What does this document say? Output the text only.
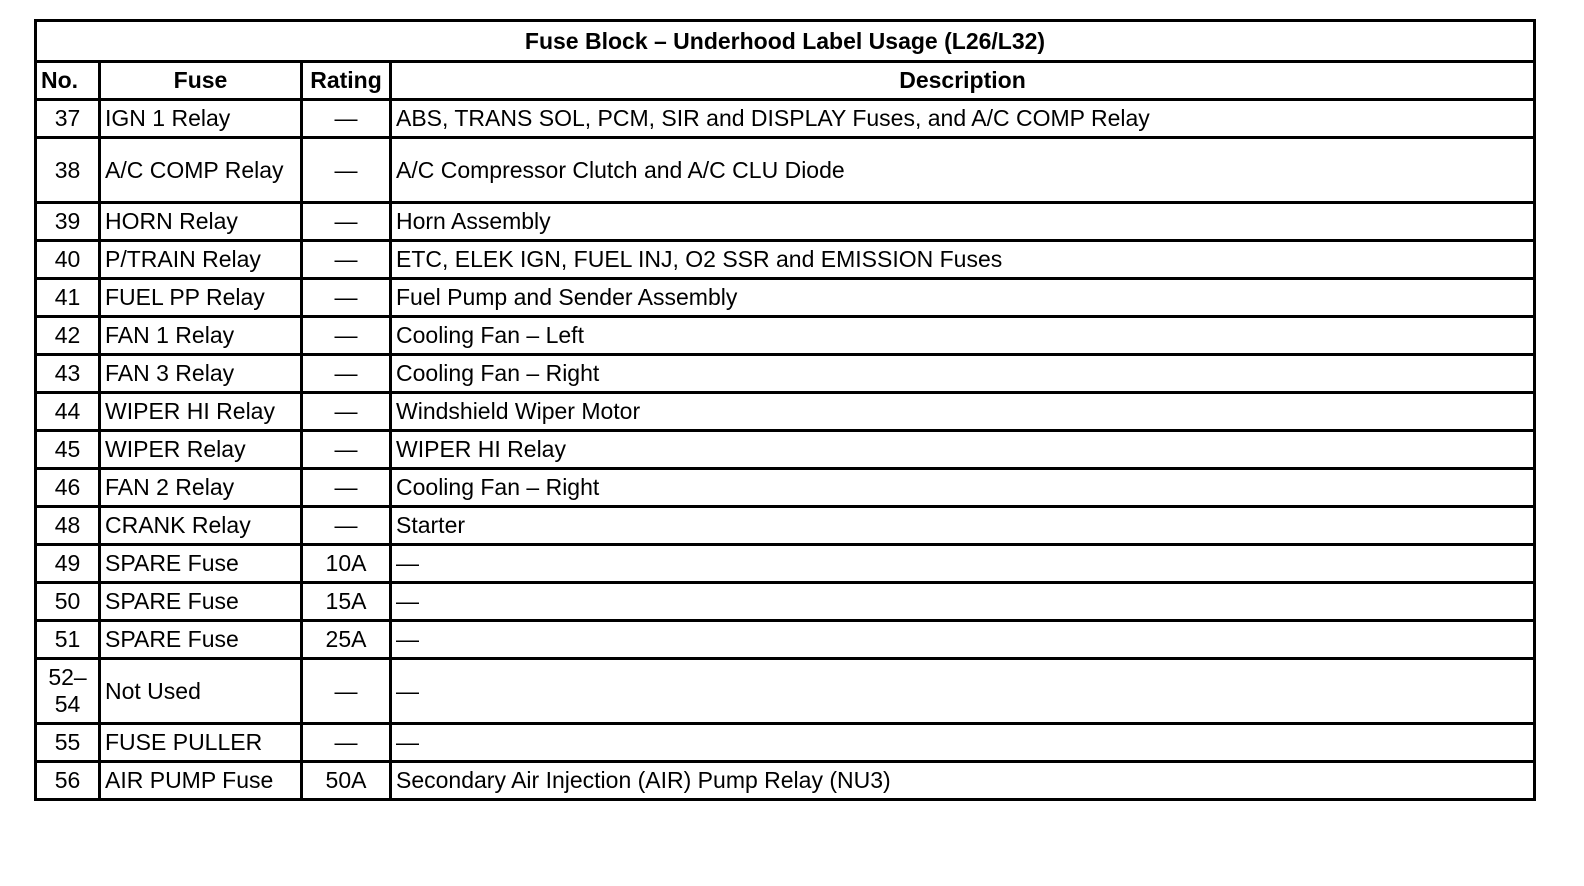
Fuse Block – Underhood Label Usage (L26/L32)			
No.	Fuse	Rating	Description
37	IGN 1 Relay	—	ABS, TRANS SOL, PCM, SIR and DISPLAY Fuses, and A/C COMP Relay
38	A/C COMP Relay	—	A/C Compressor Clutch and A/C CLU Diode
39	HORN Relay	—	Horn Assembly
40	P/TRAIN Relay	—	ETC, ELEK IGN, FUEL INJ, O2 SSR and EMISSION Fuses
41	FUEL PP Relay	—	Fuel Pump and Sender Assembly
42	FAN 1 Relay	—	Cooling Fan – Left
43	FAN 3 Relay	—	Cooling Fan – Right
44	WIPER HI Relay	—	Windshield Wiper Motor
45	WIPER Relay	—	WIPER HI Relay
46	FAN 2 Relay	—	Cooling Fan – Right
48	CRANK Relay	—	Starter
49	SPARE Fuse	10A	—
50	SPARE Fuse	15A	—
51	SPARE Fuse	25A	—
52–54	Not Used	—	—
55	FUSE PULLER	—	—
56	AIR PUMP Fuse	50A	Secondary Air Injection (AIR) Pump Relay (NU3)
